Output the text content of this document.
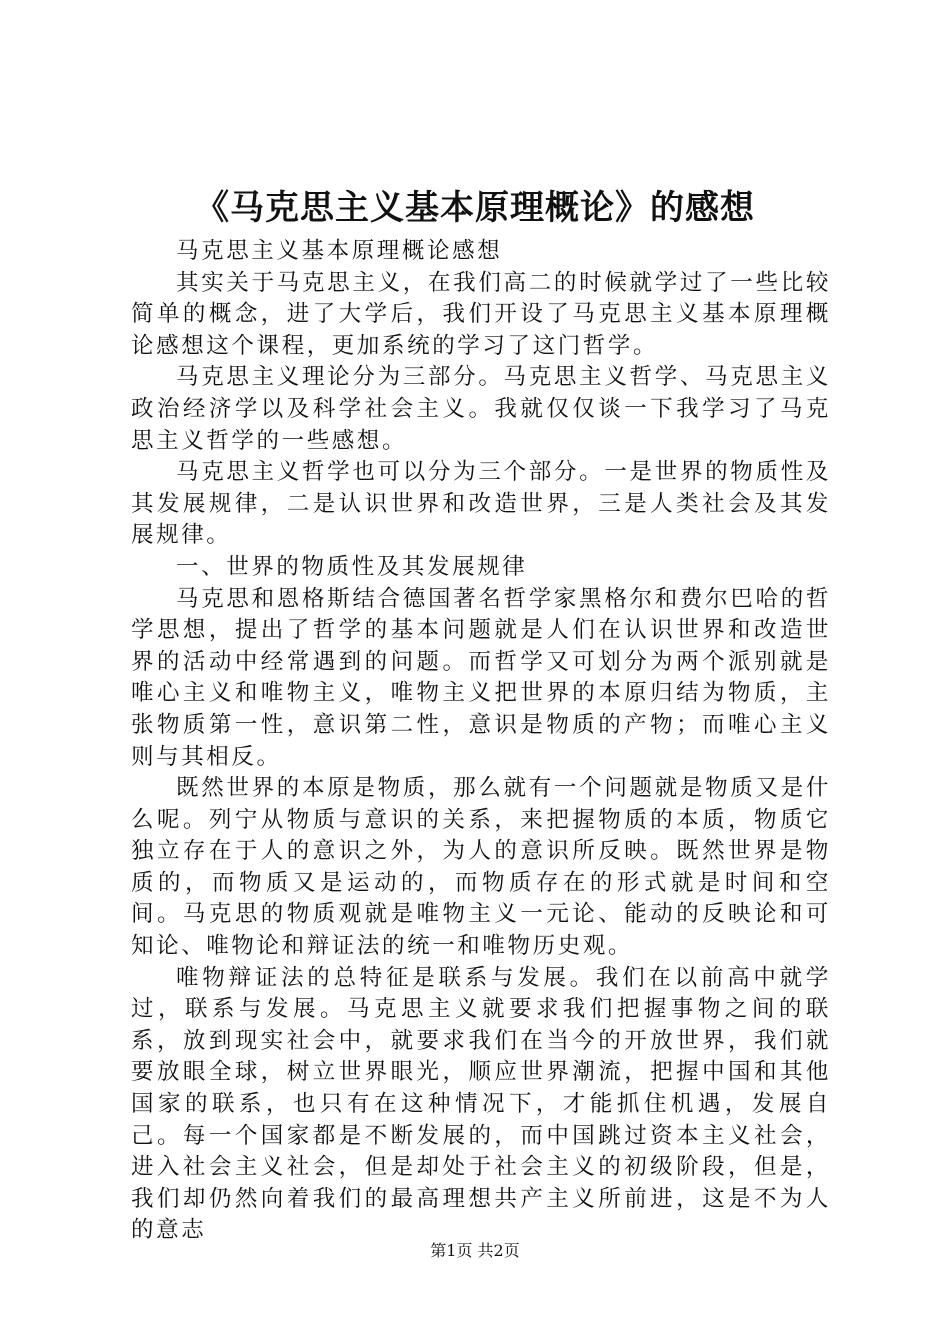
《马克思主义基本原理概论》的感想

马克思主义基本原理概论感想

其实关于马克思主义，在我们高二的时候就学过了一些比较简单的概念，进了大学后，我们开设了马克思主义基本原理概论感想这个课程，更加系统的学习了这门哲学。

马克思主义理论分为三部分。马克思主义哲学、马克思主义政治经济学以及科学社会主义。我就仅仅谈一下我学习了马克思主义哲学的一些感想。

马克思主义哲学也可以分为三个部分。一是世界的物质性及其发展规律，二是认识世界和改造世界，三是人类社会及其发展规律。

一、世界的物质性及其发展规律

马克思和恩格斯结合德国著名哲学家黑格尔和费尔巴哈的哲学思想，提出了哲学的基本问题就是人们在认识世界和改造世界的活动中经常遇到的问题。而哲学又可划分为两个派别就是唯心主义和唯物主义，唯物主义把世界的本原归结为物质，主张物质第一性，意识第二性，意识是物质的产物；而唯心主义则与其相反。

既然世界的本原是物质，那么就有一个问题就是物质又是什么呢。列宁从物质与意识的关系，来把握物质的本质，物质它独立存在于人的意识之外，为人的意识所反映。既然世界是物质的，而物质又是运动的，而物质存在的形式就是时间和空间。马克思的物质观就是唯物主义一元论、能动的反映论和可知论、唯物论和辩证法的统一和唯物历史观。

唯物辩证法的总特征是联系与发展。我们在以前高中就学过，联系与发展。马克思主义就要求我们把握事物之间的联系，放到现实社会中，就要求我们在当今的开放世界，我们就要放眼全球，树立世界眼光，顺应世界潮流，把握中国和其他国家的联系，也只有在这种情况下，才能抓住机遇，发展自己。每一个国家都是不断发展的，而中国跳过资本主义社会，进入社会主义社会，但是却处于社会主义的初级阶段，但是，我们却仍然向着我们的最高理想共产主义所前进，这是不为人的意志

第1页 共2页
